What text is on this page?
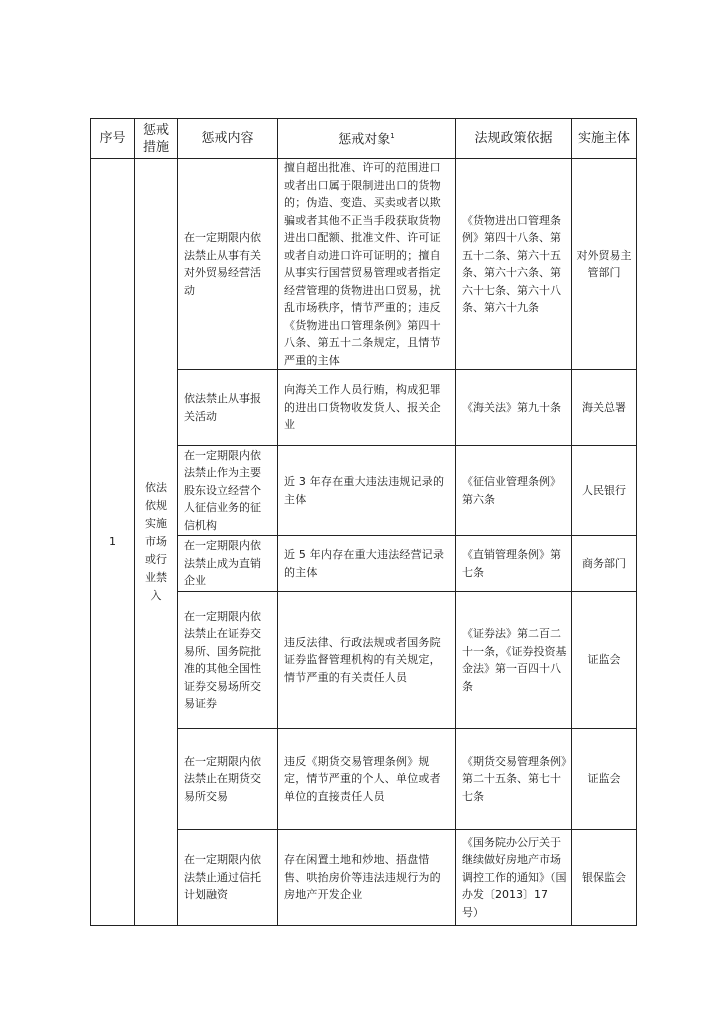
序号	惩戒措施	惩戒内容	惩戒对象$^1$	法规政策依据	实施主体
1	依法依规实施市场或行业禁入	在一定期限内依法禁止从事有关对外贸易经营活动	擅自超出批准、许可的范围进口或者出口属于限制进出口的货物的；伪造、变造、买卖或者以欺骗或者其他不正当手段获取货物进出口配额、批准文件、许可证或者自动进口许可证明的；擅自从事实行国营贸易管理或者指定经营管理的货物进出口贸易，扰乱市场秩序，情节严重的；违反《货物进出口管理条例》第四十八条、第五十二条规定，且情节严重的主体	《货物进出口管理条例》第四十八条、第五十二条、第六十五条、第六十六条、第六十七条、第六十八条、第六十九条	对外贸易主管部门
		依法禁止从事报关活动	向海关工作人员行贿，构成犯罪的进出口货物收发货人、报关企业	《海关法》第九十条	海关总署
		在一定期限内依法禁止作为主要股东设立经营个人征信业务的征信机构	近 3 年存在重大违法违规记录的主体	《征信业管理条例》第六条	人民银行
		在一定期限内依法禁止成为直销企业	近 5 年内存在重大违法经营记录的主体	《直销管理条例》第七条	商务部门
		在一定期限内依法禁止在证券交易所、国务院批准的其他全国性证券交易场所交易证券	违反法律、行政法规或者国务院证券监督管理机构的有关规定，情节严重的有关责任人员	《证券法》第二百二十一条，《证券投资基金法》第一百四十八条	证监会
		在一定期限内依法禁止在期货交易所交易	违反《期货交易管理条例》规定，情节严重的个人、单位或者单位的直接责任人员	《期货交易管理条例》第二十五条、第七十七条	证监会
		在一定期限内依法禁止通过信托计划融资	存在闲置土地和炒地、捂盘惜售、哄抬房价等违法违规行为的房地产开发企业	《国务院办公厅关于继续做好房地产市场调控工作的通知》（国办发〔2013〕17 号）	银保监会
